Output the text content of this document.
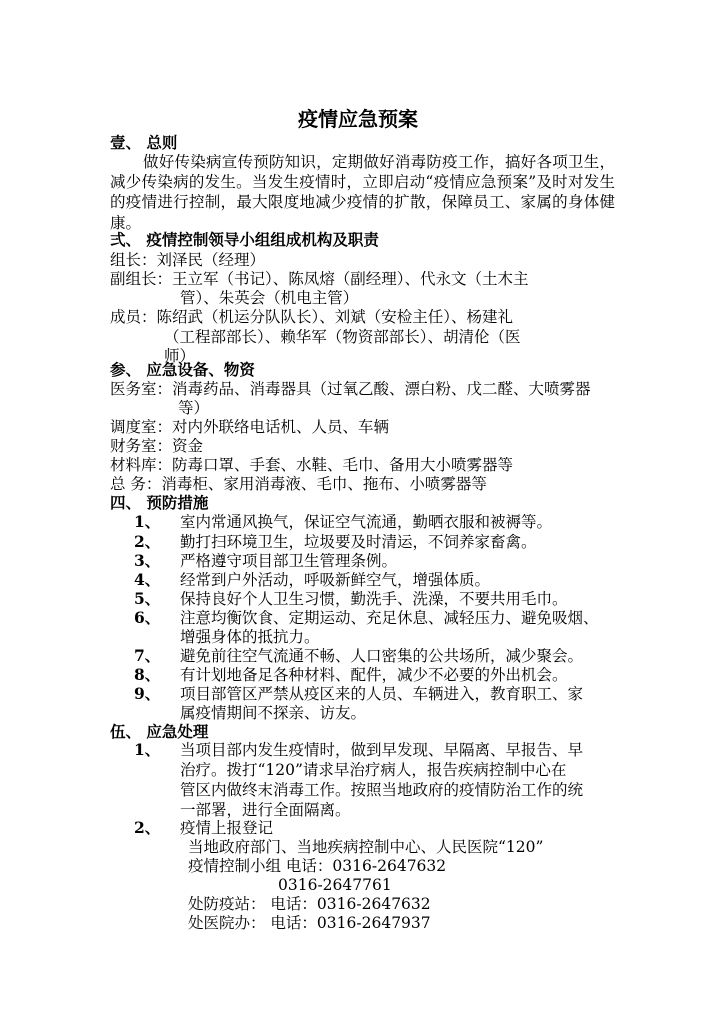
疫情应急预案
壹、 总则
做好传染病宣传预防知识，定期做好消毒防疫工作，搞好各项卫生，减少传染病的发生。当发生疫情时，立即启动“疫情应急预案”及时对发生的疫情进行控制，最大限度地减少疫情的扩散，保障员工、家属的身体健康。
弍、 疫情控制领导小组组成机构及职责
组长：刘泽民（经理）
副组长：王立军（书记）、陈凤熔（副经理）、代永文（土木主
管）、朱英会（机电主管）
成员：陈绍武（机运分队队长）、刘斌（安检主任）、杨建礼
（工程部部长）、赖华军（物资部部长）、胡清伦（医
师）
参、 应急设备、物资
医务室：消毒药品、消毒器具（过氧乙酸、漂白粉、戊二醛、大喷雾器
等）
调度室：对内外联络电话机、人员、车辆
财务室：资金
材料库：防毒口罩、手套、水鞋、毛巾、备用大小喷雾器等
总 务：消毒柜、家用消毒液、毛巾、拖布、小喷雾器等
四、 预防措施
1、 室内常通风换气，保证空气流通，勤晒衣服和被褥等。
2、 勤打扫环境卫生，垃圾要及时清运，不饲养家畜禽。
3、 严格遵守项目部卫生管理条例。
4、 经常到户外活动，呼吸新鲜空气，增强体质。
5、 保持良好个人卫生习惯，勤洗手、洗澡，不要共用毛巾。
6、 注意均衡饮食、定期运动、充足休息、减轻压力、避免吸烟、
增强身体的抵抗力。
7、 避免前往空气流通不畅、人口密集的公共场所，减少聚会。
8、 有计划地备足各种材料、配件，减少不必要的外出机会。
9、 项目部管区严禁从疫区来的人员、车辆进入，教育职工、家
属疫情期间不探亲、访友。
伍、 应急处理
1、 当项目部内发生疫情时，做到早发现、早隔离、早报告、早
治疗。拨打“120”请求早治疗病人，报告疾病控制中心在
管区内做终末消毒工作。按照当地政府的疫情防治工作的统
一部署，进行全面隔离。
2、 疫情上报登记
当地政府部门、当地疾病控制中心、人民医院“120”
疫情控制小组 电话：0316-2647632
0316-2647761
处防疫站： 电话：0316-2647632
处医院办： 电话：0316-2647937
